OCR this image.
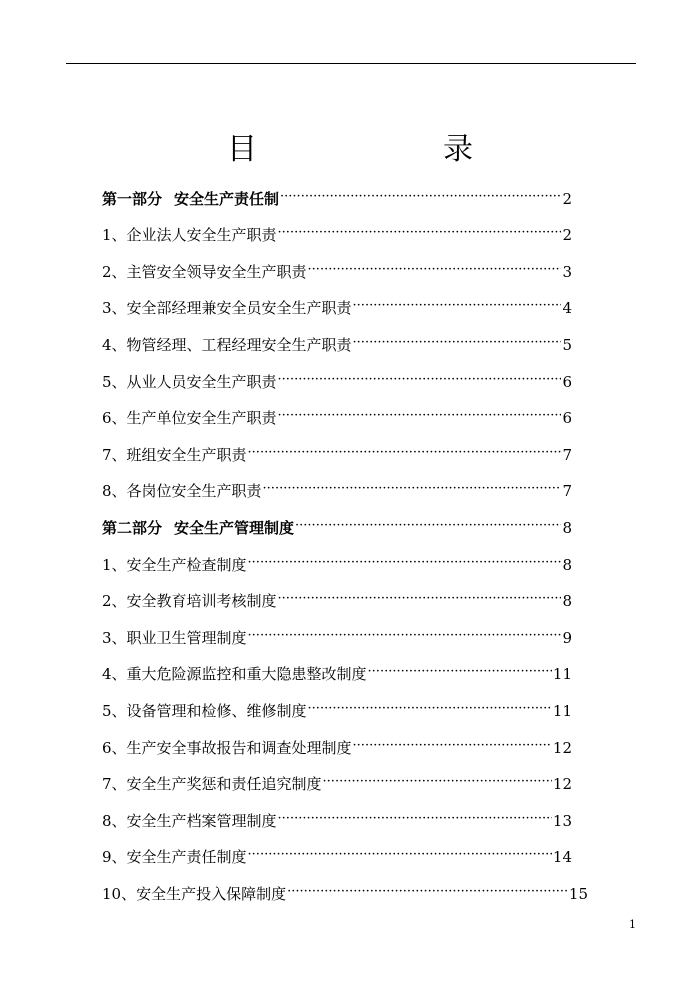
目　　录
第一部分 安全生产责任制 ·····	2
1、企业法人安全生产职责 ·····	2
2、主管安全领导安全生产职责 ·····	3
3、安全部经理兼安全员安全生产职责 ·····	4
4、物管经理、工程经理安全生产职责 ·····	5
5、从业人员安全生产职责 ·····	6
6、生产单位安全生产职责 ·····	6
7、班组安全生产职责 ·····	7
8、各岗位安全生产职责 ·····	7
第二部分 安全生产管理制度 ·····	8
1、安全生产检查制度 ·····	8
2、安全教育培训考核制度 ·····	8
3、职业卫生管理制度 ·····	9
4、重大危险源监控和重大隐患整改制度 ·····	11
5、设备管理和检修、维修制度 ·····	11
6、生产安全事故报告和调查处理制度 ·····	12
7、安全生产奖惩和责任追究制度 ·····	12
8、安全生产档案管理制度 ·····	13
9、安全生产责任制度 ·····	14
10、安全生产投入保障制度 ·····	15
1
